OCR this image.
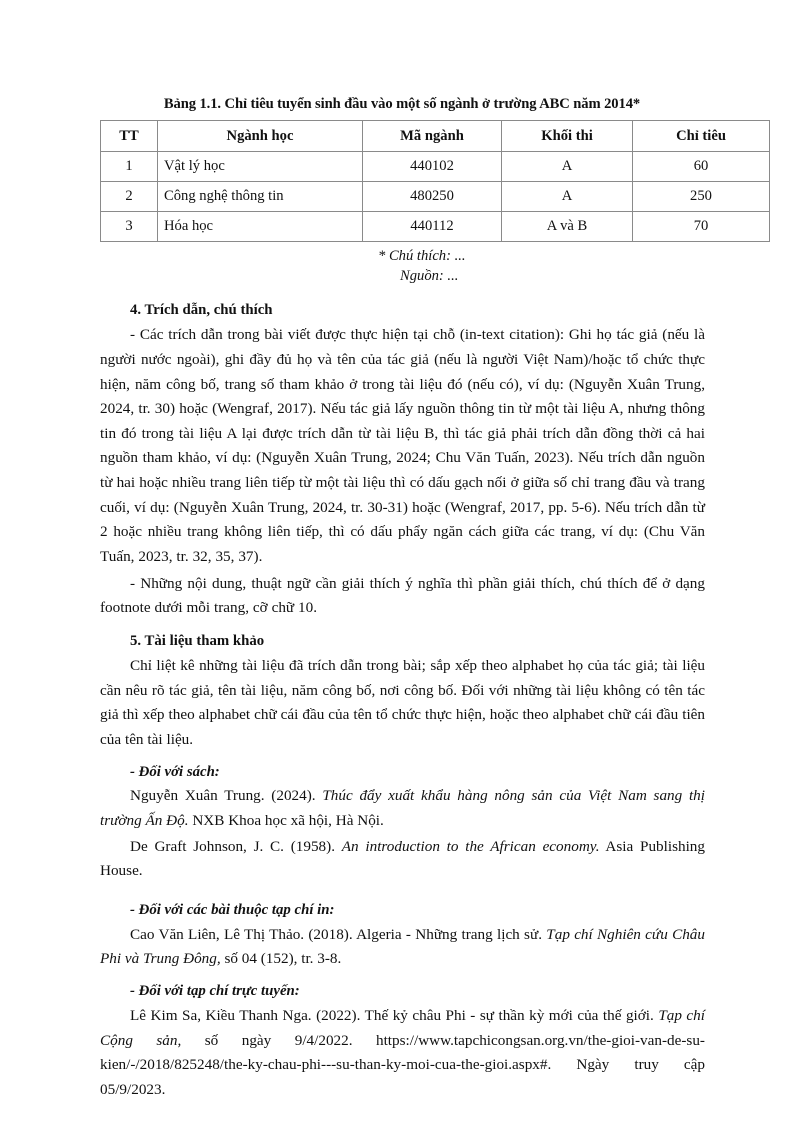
Bảng 1.1. Chỉ tiêu tuyển sinh đầu vào một số ngành ở trường ABC năm 2014*
TT	Ngành học	Mã ngành	Khối thi	Chỉ tiêu
1	Vật lý học	440102	A	60
2	Công nghệ thông tin	480250	A	250
3	Hóa học	440112	A và B	70
* Chú thích: ...
Nguồn: ...
4. Trích dẫn, chú thích

- Các trích dẫn trong bài viết được thực hiện tại chỗ (in-text citation): Ghi họ tác giả (nếu là người nước ngoài), ghi đầy đủ họ và tên của tác giả (nếu là người Việt Nam)/hoặc tổ chức thực hiện, năm công bố, trang số tham khảo ở trong tài liệu đó (nếu có), ví dụ: (Nguyễn Xuân Trung, 2024, tr. 30) hoặc (Wengraf, 2017). Nếu tác giả lấy nguồn thông tin từ một tài liệu A, nhưng thông tin đó trong tài liệu A lại được trích dẫn từ tài liệu B, thì tác giả phải trích dẫn đồng thời cả hai nguồn tham khảo, ví dụ: (Nguyễn Xuân Trung, 2024; Chu Văn Tuấn, 2023). Nếu trích dẫn nguồn từ hai hoặc nhiều trang liên tiếp từ một tài liệu thì có dấu gạch nối ở giữa số chỉ trang đầu và trang cuối, ví dụ: (Nguyễn Xuân Trung, 2024, tr. 30-31) hoặc (Wengraf, 2017, pp. 5-6). Nếu trích dẫn từ 2 hoặc nhiều trang không liên tiếp, thì có dấu phẩy ngăn cách giữa các trang, ví dụ: (Chu Văn Tuấn, 2023, tr. 32, 35, 37).

- Những nội dung, thuật ngữ cần giải thích ý nghĩa thì phần giải thích, chú thích để ở dạng footnote dưới mỗi trang, cỡ chữ 10.

5. Tài liệu tham khảo

Chỉ liệt kê những tài liệu đã trích dẫn trong bài; sắp xếp theo alphabet họ của tác giả; tài liệu cần nêu rõ tác giả, tên tài liệu, năm công bố, nơi công bố. Đối với những tài liệu không có tên tác giả thì xếp theo alphabet chữ cái đầu của tên tổ chức thực hiện, hoặc theo alphabet chữ cái đầu tiên của tên tài liệu.

- Đối với sách:

Nguyễn Xuân Trung. (2024). Thúc đẩy xuất khẩu hàng nông sản của Việt Nam sang thị trường Ấn Độ. NXB Khoa học xã hội, Hà Nội.

De Graft Johnson, J. C. (1958). An introduction to the African economy. Asia Publishing House.

- Đối với các bài thuộc tạp chí in:

Cao Văn Liên, Lê Thị Thảo. (2018). Algeria - Những trang lịch sử. Tạp chí Nghiên cứu Châu Phi và Trung Đông, số 04 (152), tr. 3-8.

- Đối với tạp chí trực tuyến:

Lê Kim Sa, Kiều Thanh Nga. (2022). Thế kỷ châu Phi - sự thần kỳ mới của thế giới. Tạp chí Cộng sản, số ngày 9/4/2022. https://www.tapchicongsan.org.vn/the-gioi-van-de-su-kien/-/2018/825248/the-ky-chau-phi---su-than-ky-moi-cua-the-gioi.aspx#. Ngày truy cập 05/9/2023.
